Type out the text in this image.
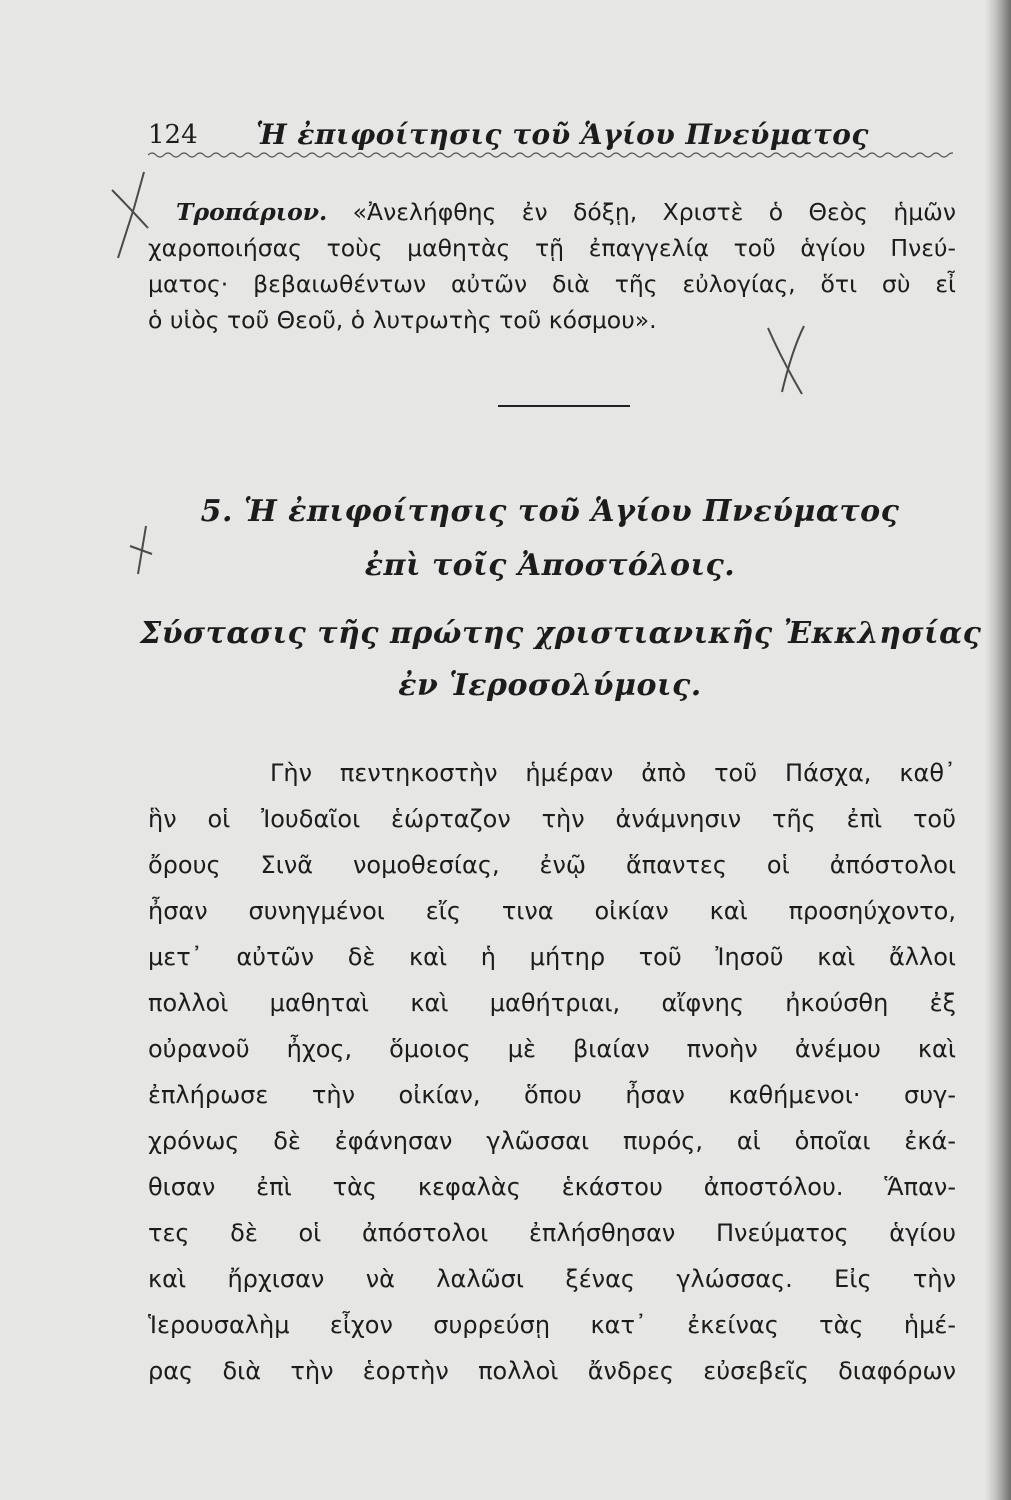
124 Ἡ ἐπιφοίτησις τοῦ Ἁγίου Πνεύματος
Τροπάριον. «Ἀνελήφθης ἐν δόξῃ, Χριστὲ ὁ Θεὸς ἡμῶν
χαροποιήσας τοὺς μαθητὰς τῇ ἐπαγγελίᾳ τοῦ ἁγίου Πνεύ-
ματος· βεβαιωθέντων αὐτῶν διὰ τῆς εὐλογίας, ὅτι σὺ εἶ
ὁ υἱὸς τοῦ Θεοῦ, ὁ λυτρωτὴς τοῦ κόσμου».
5. Ἡ ἐπιφοίτησις τοῦ Ἁγίου Πνεύματος
ἐπὶ τοῖς Ἀποστόλοις.
Σύστασις τῆς πρώτης χριστιανικῆς Ἐκκλησίας
ἐν Ἱεροσολύμοις.
Γὴν πεντηκοστὴν ἡμέραν ἀπὸ τοῦ Πάσχα, καθ᾽
ἣν οἱ Ἰουδαῖοι ἑώρταζον τὴν ἀνάμνησιν τῆς ἐπὶ τοῦ
ὄρους Σινᾶ νομοθεσίας, ἐνῷ ἅπαντες οἱ ἀπόστολοι
ἦσαν συνηγμένοι εἴς τινα οἰκίαν καὶ προσηύχοντο,
μετ᾽ αὐτῶν δὲ καὶ ἡ μήτηρ τοῦ Ἰησοῦ καὶ ἄλλοι
πολλοὶ μαθηταὶ καὶ μαθήτριαι, αἴφνης ἠκούσθη ἐξ
οὐρανοῦ ἦχος, ὅμοιος μὲ βιαίαν πνοὴν ἀνέμου καὶ
ἐπλήρωσε τὴν οἰκίαν, ὅπου ἦσαν καθήμενοι· συγ-
χρόνως δὲ ἐφάνησαν γλῶσσαι πυρός, αἱ ὁποῖαι ἐκά-
θισαν ἐπὶ τὰς κεφαλὰς ἑκάστου ἀποστόλου. Ἅπαν-
τες δὲ οἱ ἀπόστολοι ἐπλήσθησαν Πνεύματος ἁγίου
καὶ ἤρχισαν νὰ λαλῶσι ξένας γλώσσας. Εἰς τὴν
Ἱερουσαλὴμ εἶχον συρρεύσῃ κατ᾽ ἐκείνας τὰς ἡμέ-
ρας διὰ τὴν ἑορτὴν πολλοὶ ἄνδρες εὐσεβεῖς διαφόρων
